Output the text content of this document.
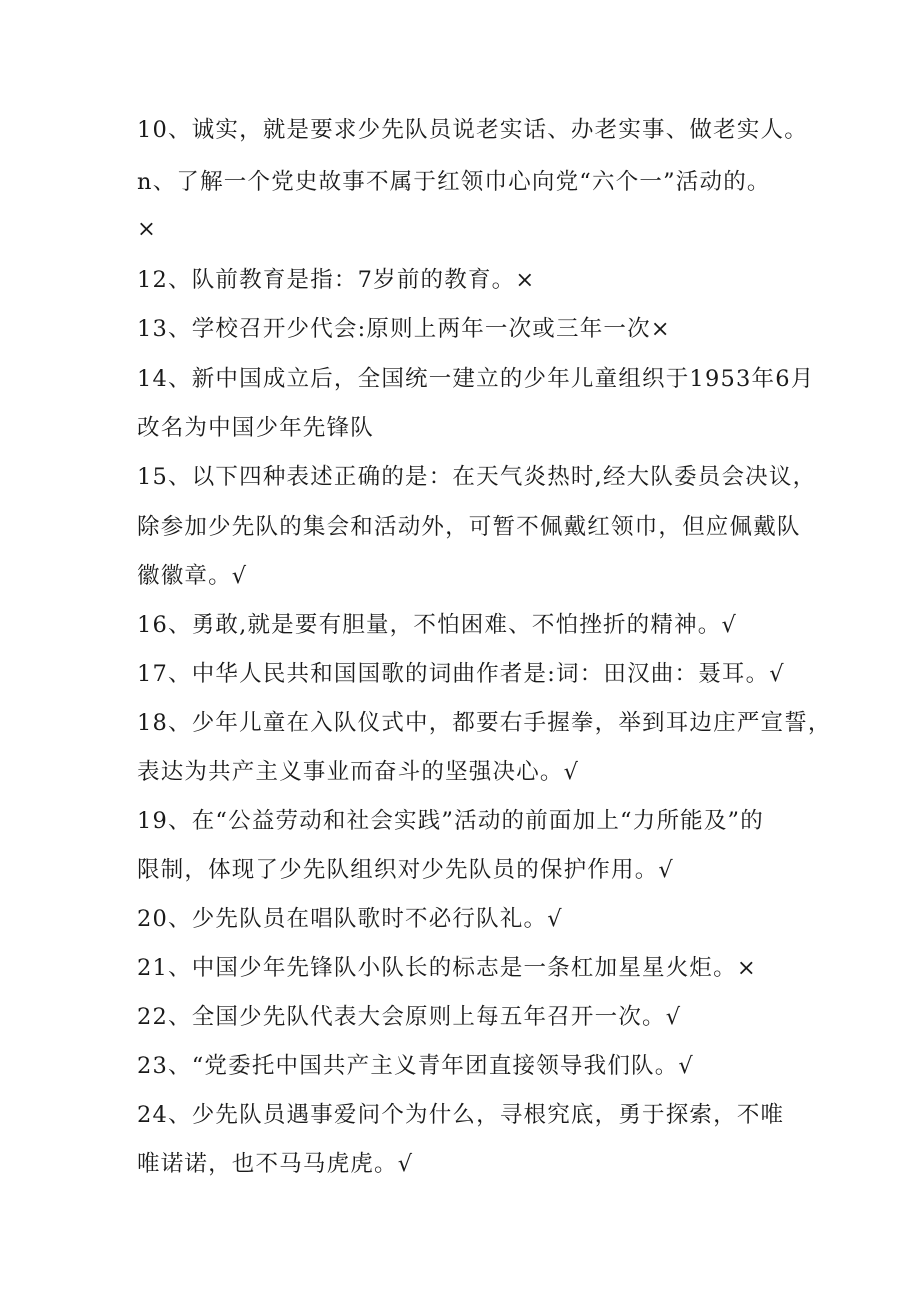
10、诚实，就是要求少先队员说老实话、办老实事、做老实人。
n、了解一个党史故事不属于红领巾心向党“六个一”活动的。
×
12、队前教育是指：7岁前的教育。×
13、学校召开少代会:原则上两年一次或三年一次×
14、新中国成立后，全国统一建立的少年儿童组织于1953年6月
改名为中国少年先锋队
15、以下四种表述正确的是：在天气炎热时,经大队委员会决议，
除参加少先队的集会和活动外，可暂不佩戴红领巾，但应佩戴队
徽徽章。√
16、勇敢,就是要有胆量，不怕困难、不怕挫折的精神。√
17、中华人民共和国国歌的词曲作者是:词：田汉曲：聂耳。√
18、少年儿童在入队仪式中，都要右手握拳，举到耳边庄严宣誓，
表达为共产主义事业而奋斗的坚强决心。√
19、在“公益劳动和社会实践”活动的前面加上“力所能及”的
限制，体现了少先队组织对少先队员的保护作用。√
20、少先队员在唱队歌时不必行队礼。√
21、中国少年先锋队小队长的标志是一条杠加星星火炬。×
22、全国少先队代表大会原则上每五年召开一次。√
23、“党委托中国共产主义青年团直接领导我们队。√
24、少先队员遇事爱问个为什么，寻根究底，勇于探索，不唯
唯诺诺，也不马马虎虎。√
